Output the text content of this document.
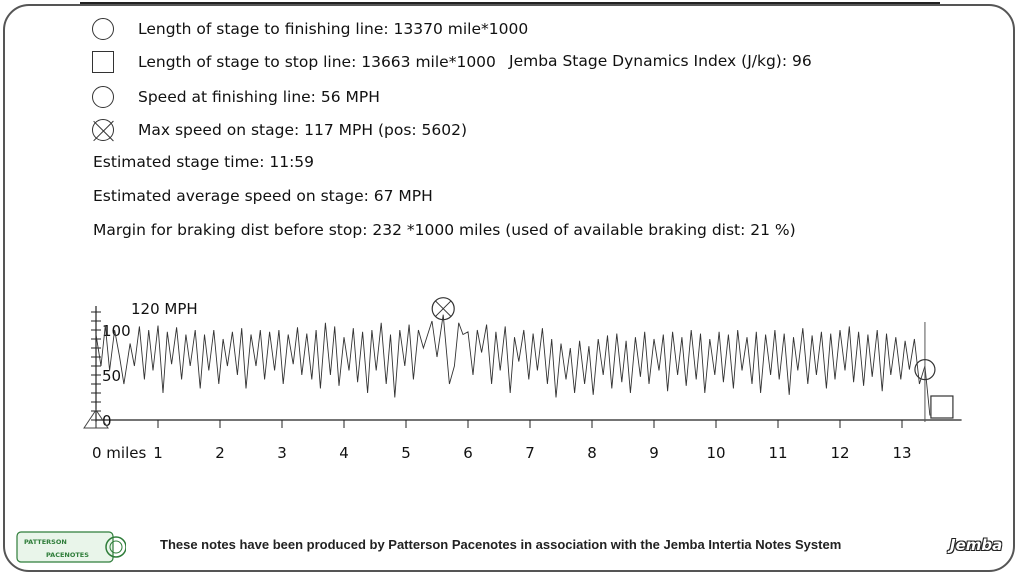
Length of stage to finishing line: 13370 mile*1000
Length of stage to stop line: 13663 mile*1000 Jemba Stage Dynamics Index (J/kg): 96
Speed at finishing line: 56 MPH
Max speed on stage: 117 MPH (pos: 5602)
Estimated stage time: 11:59
Estimated average speed on stage: 67 MPH
Margin for braking dist before stop: 232 *1000 miles (used of available braking dist: 21 %)
0
50
100
120 MPH
0 miles 1	2	3	4	5	6	7	8	9	10	11	12	13
PATTERSON
PACENOTES
These notes have been produced by Patterson Pacenotes in association with the Jemba Intertia Notes System	Jemba
